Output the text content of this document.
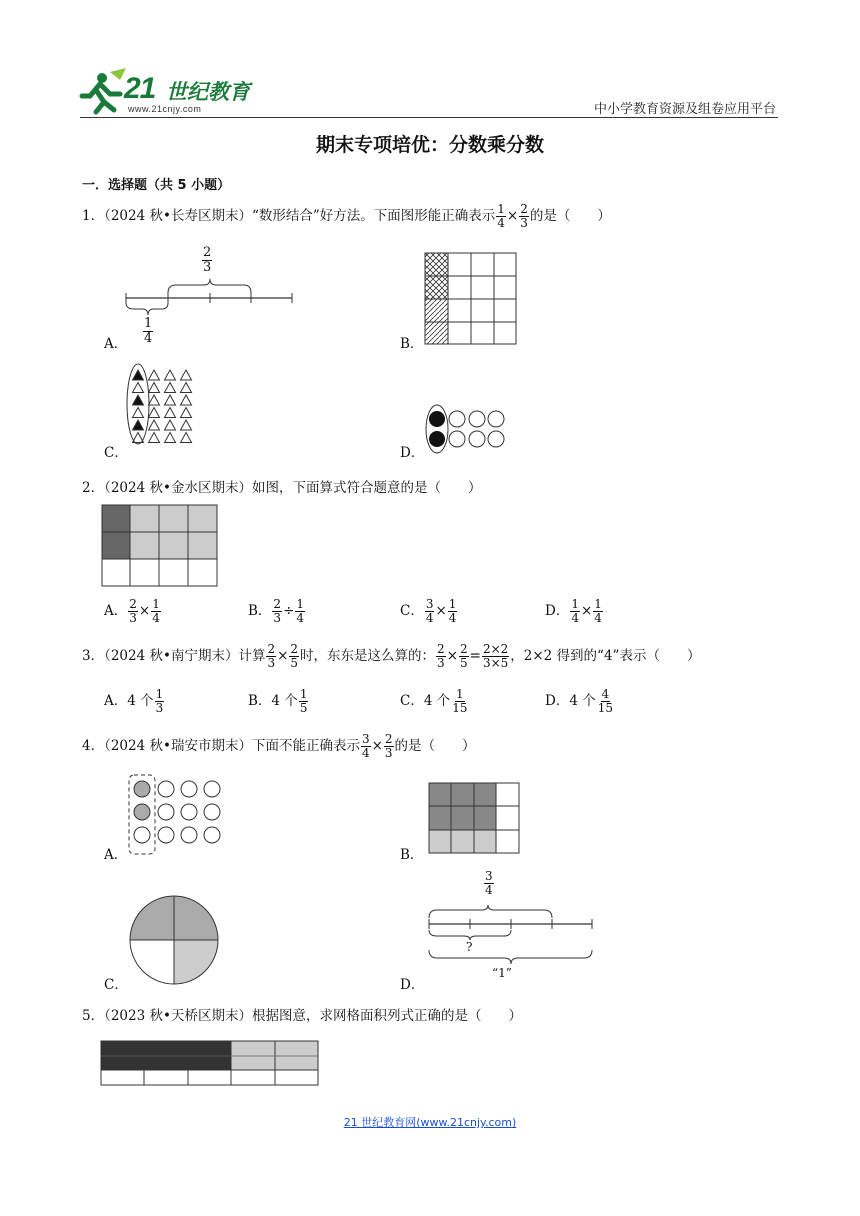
21 世纪教育
www.21cnjy.com	中小学教育资源及组卷应用平台
期末专项培优：分数乘分数
一．选择题（共 5 小题）
1．（2024 秋•长寿区期末）“数形结合”好方法。下面图形能正确表示 $\frac{1}{4} \times \frac{2}{3}$ 的是（　　）
A．
$\frac{2}{3}$
$\frac{1}{4}$	B．
C．	D．
2．（2024 秋•金水区期末）如图，下面算式符合题意的是（　　）
A． $\frac{2}{3} \times \frac{1}{4}$	B． $\frac{2}{3} \div \frac{1}{4}$	C． $\frac{3}{4} \times \frac{1}{4}$	D． $\frac{1}{4} \times \frac{1}{4}$
3．（2024 秋•南宁期末）计算 $\frac{2}{3} \times \frac{2}{5}$ 时，东东是这么算的： $\frac{2}{3} \times \frac{2}{5} = \frac{2\times 2}{3\times 5}$ ，2×2 得到的“4”表示（　　）
A．4 个 $\frac{1}{3}$	B．4 个 $\frac{1}{5}$	C．4 个 $\frac{1}{15}$	D．4 个 $\frac{4}{15}$
4．（2024 秋•瑞安市期末）下面不能正确表示 $\frac{3}{4} \times \frac{2}{3}$ 的是（　　）
A．	B．
C．	D．
$\frac{3}{4}$
?
“1”
5．（2023 秋•天桥区期末）根据图意，求网格面积列式正确的是（　　）
21 世纪教育网(www.21cnjy.com)
